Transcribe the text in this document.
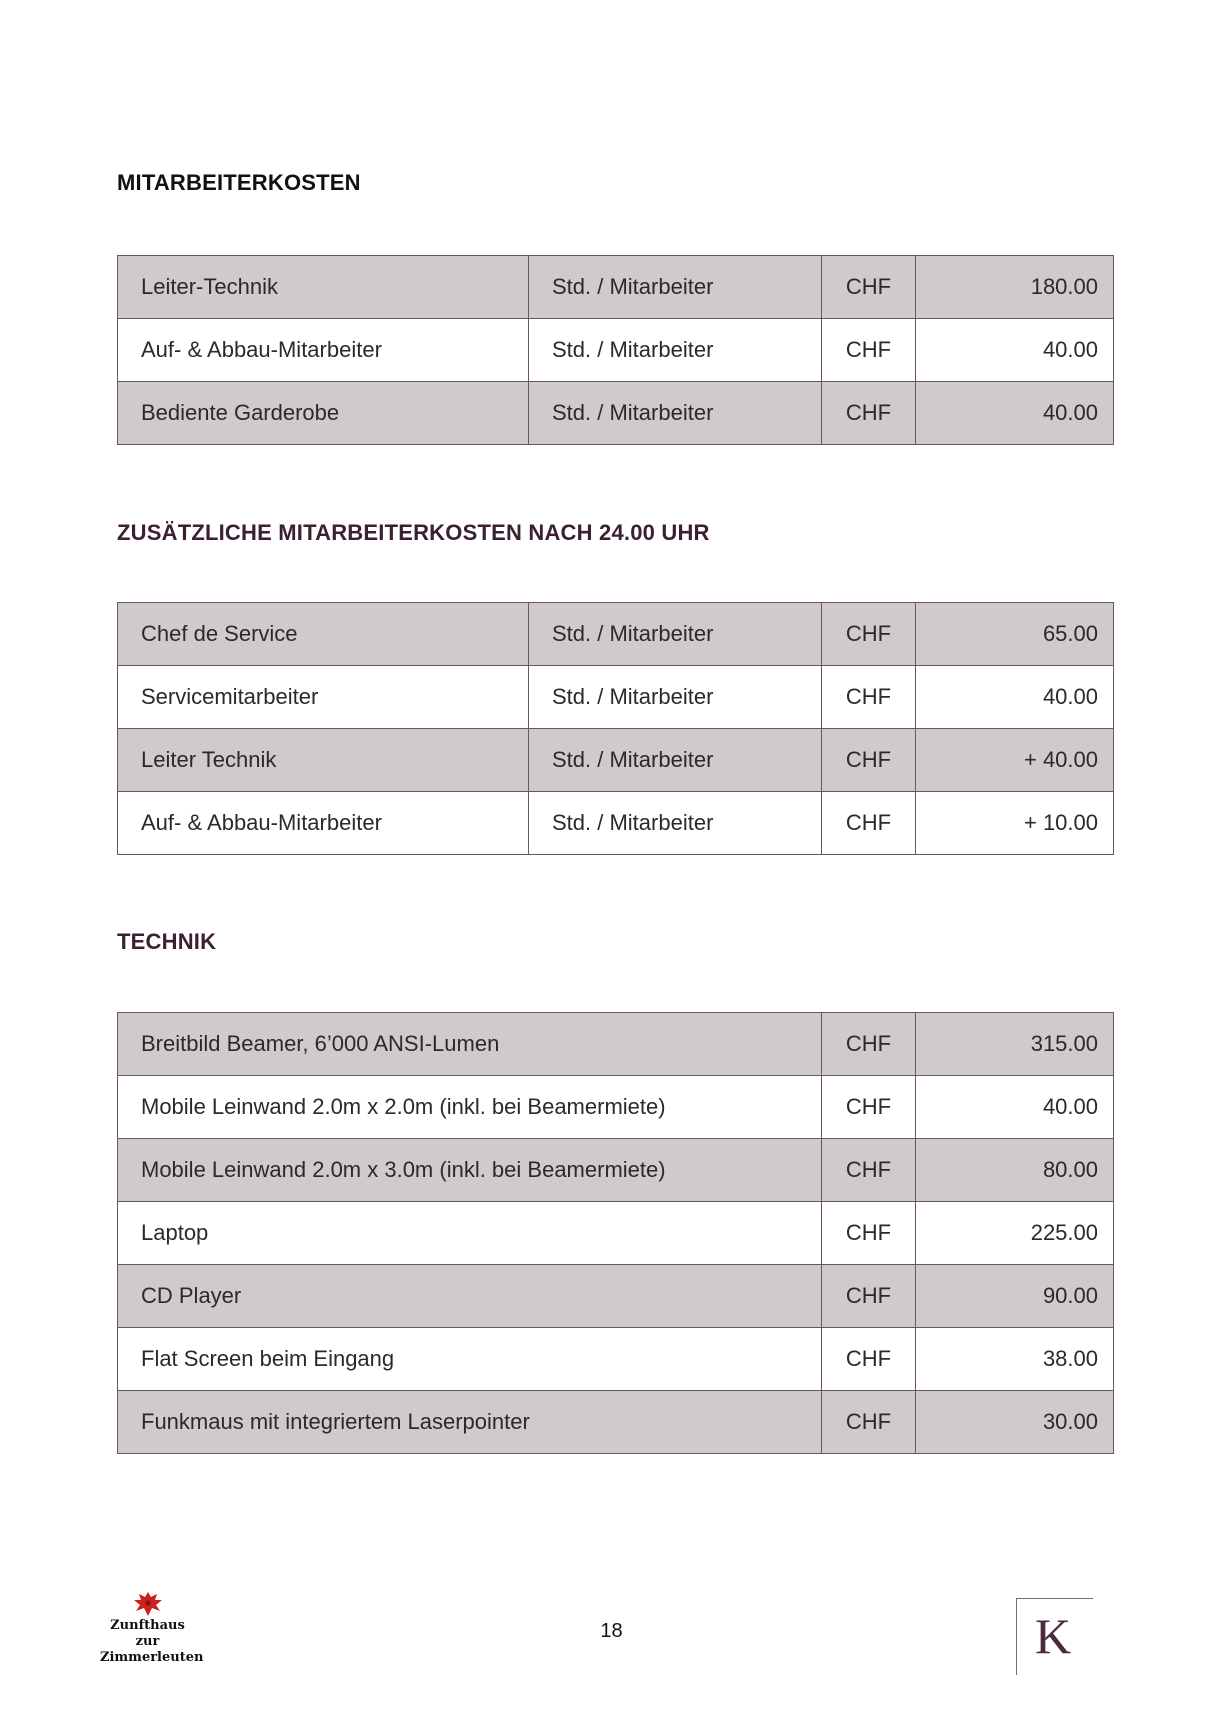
MITARBEITERKOSTEN
Leiter-Technik	Std. / Mitarbeiter	CHF	180.00
Auf- & Abbau-Mitarbeiter	Std. / Mitarbeiter	CHF	40.00
Bediente Garderobe	Std. / Mitarbeiter	CHF	40.00
ZUSÄTZLICHE MITARBEITERKOSTEN NACH 24.00 UHR
Chef de Service	Std. / Mitarbeiter	CHF	65.00
Servicemitarbeiter	Std. / Mitarbeiter	CHF	40.00
Leiter Technik	Std. / Mitarbeiter	CHF	+ 40.00
Auf- & Abbau-Mitarbeiter	Std. / Mitarbeiter	CHF	+ 10.00
TECHNIK
Breitbild Beamer, 6’000 ANSI-Lumen	CHF	315.00
Mobile Leinwand 2.0m x 2.0m (inkl. bei Beamermiete)	CHF	40.00
Mobile Leinwand 2.0m x 3.0m (inkl. bei Beamermiete)	CHF	80.00
Laptop	CHF	225.00
CD Player	CHF	90.00
Flat Screen beim Eingang	CHF	38.00
Funkmaus mit integriertem Laserpointer	CHF	30.00
Zunfthaus
zur
Zimmerleuten
18	K
